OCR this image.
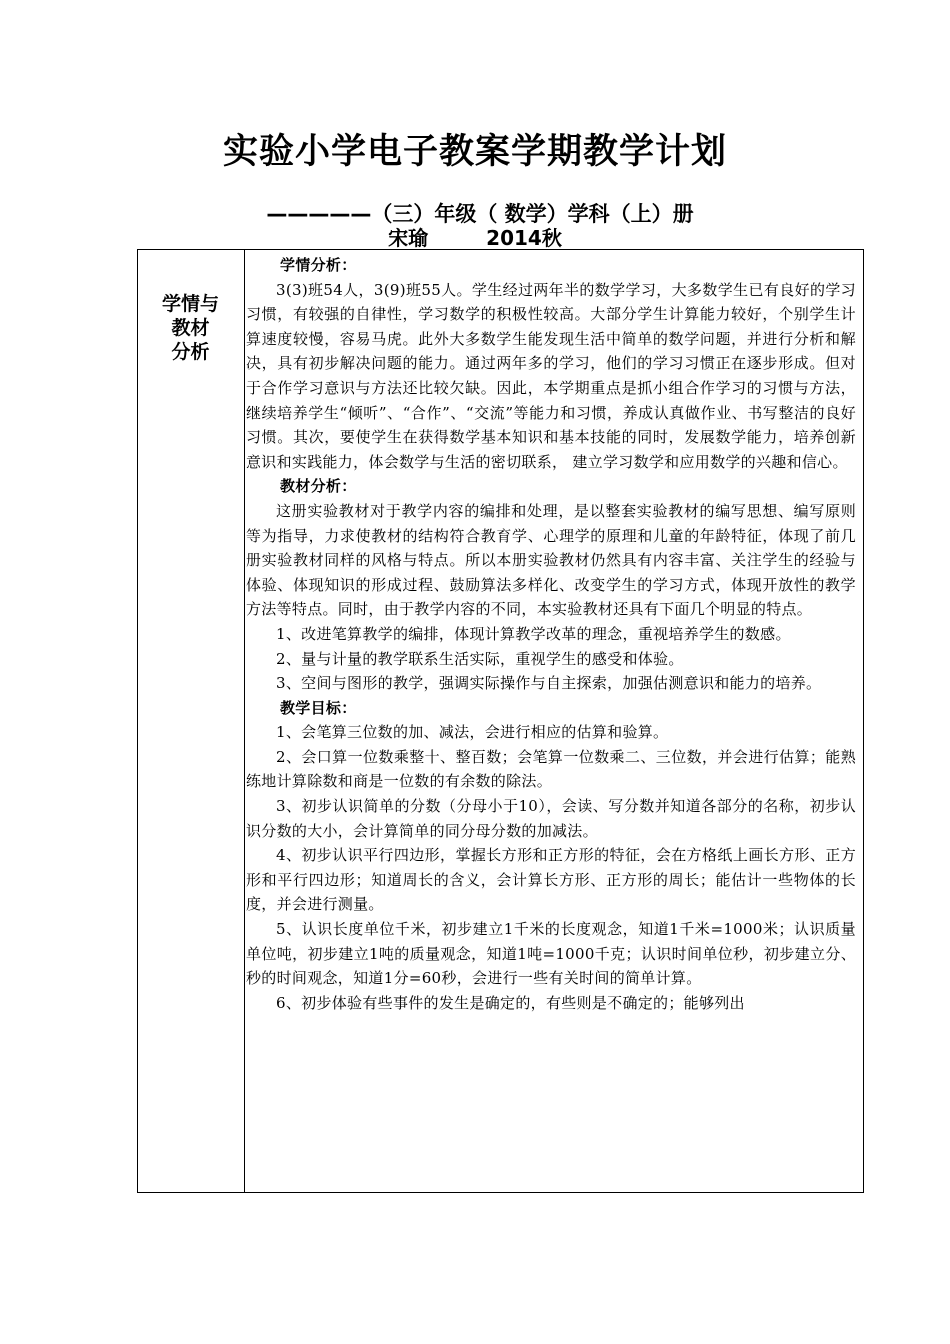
实验小学电子教案学期教学计划
—————（三）年级（ 数学）学科（上）册
宋瑜	2014秋
学情与
教材
分析

学情分析：

3(3)班54人，3(9)班55人。学生经过两年半的数学学习，大多数学生已有良好的学习习惯，有较强的自律性，学习数学的积极性较高。大部分学生计算能力较好，个别学生计算速度较慢，容易马虎。此外大多数学生能发现生活中简单的数学问题，并进行分析和解决，具有初步解决问题的能力。通过两年多的学习，他们的学习习惯正在逐步形成。但对于合作学习意识与方法还比较欠缺。因此，本学期重点是抓小组合作学习的习惯与方法，继续培养学生“倾听”、“合作”、“交流”等能力和习惯，养成认真做作业、书写整洁的良好习惯。其次，要使学生在获得数学基本知识和基本技能的同时，发展数学能力，培养创新意识和实践能力，体会数学与生活的密切联系， 建立学习数学和应用数学的兴趣和信心。

教材分析：

这册实验教材对于教学内容的编排和处理，是以整套实验教材的编写思想、编写原则等为指导，力求使教材的结构符合教育学、心理学的原理和儿童的年龄特征，体现了前几册实验教材同样的风格与特点。所以本册实验教材仍然具有内容丰富、关注学生的经验与体验、体现知识的形成过程、鼓励算法多样化、改变学生的学习方式，体现开放性的教学方法等特点。同时，由于教学内容的不同，本实验教材还具有下面几个明显的特点。

1、改进笔算教学的编排，体现计算教学改革的理念，重视培养学生的数感。

2、量与计量的教学联系生活实际，重视学生的感受和体验。

3、空间与图形的教学，强调实际操作与自主探索，加强估测意识和能力的培养。

教学目标：

1、会笔算三位数的加、减法，会进行相应的估算和验算。

2、会口算一位数乘整十、整百数；会笔算一位数乘二、三位数，并会进行估算；能熟练地计算除数和商是一位数的有余数的除法。

3、初步认识简单的分数（分母小于10），会读、写分数并知道各部分的名称，初步认识分数的大小，会计算简单的同分母分数的加减法。

4、初步认识平行四边形，掌握长方形和正方形的特征，会在方格纸上画长方形、正方形和平行四边形；知道周长的含义，会计算长方形、正方形的周长；能估计一些物体的长度，并会进行测量。

5、认识长度单位千米，初步建立1千米的长度观念，知道1千米=1000米；认识质量单位吨，初步建立1吨的质量观念，知道1吨=1000千克；认识时间单位秒，初步建立分、秒的时间观念，知道1分=60秒，会进行一些有关时间的简单计算。

6、初步体验有些事件的发生是确定的，有些则是不确定的；能够列出
